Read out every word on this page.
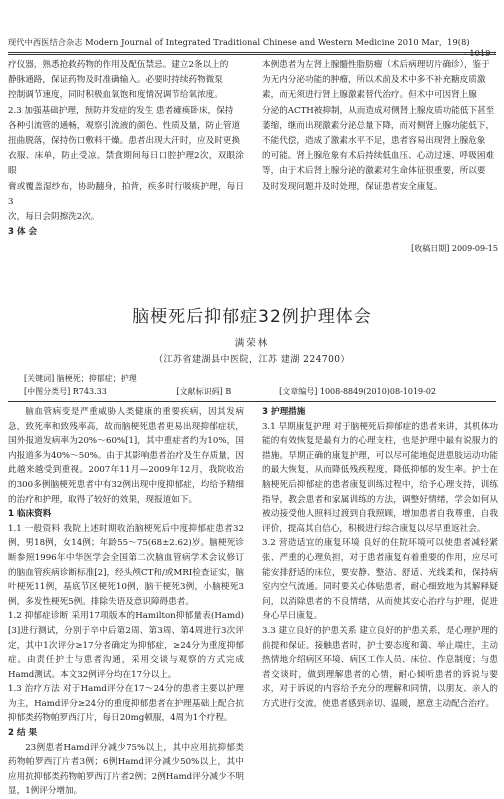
现代中西医结合杂志 Modern Journal of Integrated Traditional Chinese and Western Medicine 2010 Mar，19(8)
· 1019 ·

疗仪器，熟悉抢救药物的作用及配伍禁忌。建立2条以上的

静脉通路，保证药物及时准确输入。必要时持续药物微泵

控制调节速度，同时积极血氧饱和度情况调节给氧浓度。

2.3 加强基础护理，预防并发症的发生 患者瘫痪卧床，保持

各种引流管的通畅，观察引流液的颜色、性质及量，防止管道

扭曲脱落，保持伤口敷料干燥。患者出现大汗时，应及时更换

衣服、床单，防止受凉。禁食期间每日口腔护理2次，双眼涂眼

膏或覆盖湿纱布，协助翻身，拍背，疾多时行吸痰护理，每日3

次，每日会阴擦洗2次。

3 体 会

本例患者为左肾上腺髓性脂肪瘤（术后病理切片确诊），鉴于

为无内分泌功能的肿瘤，所以术前及术中多不补充糖皮质激

素，而无须进行肾上腺激素替代治疗。但术中可因肾上腺

分泌的ACTH被抑制，从而造成对侧肾上腺皮质功能低下甚至

萎缩，继而出现激素分泌总量下降，而对侧肾上腺功能低下，

不能代偿，造成了激素水平不足，患者容易出现肾上腺危象

的可能。肾上腺危象有术后持续低血压、心动过速、呼吸困难

等，由于术后肾上腺分泌的激素对生命体征很重要，所以要

及时发现问题并及时处理，保证患者安全康复。

[收稿日期] 2009-09-15
脑梗死后抑郁症32例护理体会
满荣林
（江苏省建湖县中医院，江苏 建湖 224700）
[关键词] 脑梗死；抑郁症；护理
[中图分类号] R743.33	[文献标识码] B	[文章编号] 1008-8849(2010)08-1019-02

脑血管病变是严重威胁人类健康的重要疾病，因其发病急，致死率和致残率高，故而脑梗死患者更易出现抑郁症状，国外报道发病率为20%～60%[1]，其中重症者约为10%，国内报道多为40%～50%。由于其影响患者治疗及生存质量，因此越来越受到重视。2007年11月—2009年12月，我院收治的300多例脑梗死患者中有32例出现中度抑郁症，均给予精细的治疗和护理，取得了较好的效果，现报道如下。

1 临床资料

1.1 一般资料 我院上述时期收治脑梗死后中度抑郁症患者32例，男18例，女14例；年龄55～75(68±2.62)岁。脑梗死诊断参照1996年中华医学会全国第二次脑血管病学术会议修订的脑血管疾病诊断标准[2]，经头颅CT和/或MRI检查证实，脑叶梗死11例，基底节区梗死10例，脑干梗死3例，小脑梗死3例，多发性梗死5例。排除失语及意识障碍患者。

1.2 抑郁症诊断 采用17项版本的Hamilton抑郁量表(Hamd)[3]进行测试，分别于卒中后第2周、第3周、第4周进行3次评定，其中1次评分≥17分者确定为抑郁症，≥24分为重度抑郁症。由责任护士与患者沟通，采用交谈与观察的方式完成Hamd测试。本文32例评分均在17分以上。

1.3 治疗方法 对于Hamd评分在17～24分的患者主要以护理为主，Hamd评分≥24分的重度抑郁患者在护理基础上配合抗抑郁类药物帕罗西汀片，每日20mg顿服，4周为1个疗程。

2 结 果

23例患者Hamd评分减少75%以上，其中应用抗抑郁类药物帕罗西汀片者3例；6例Hamd评分减少50%以上，其中应用抗抑郁类药物帕罗西汀片者2例；2例Hamd评分减少不明显，1例评分增加。

3 护理措施

3.1 早期康复护理 对于脑梗死后抑郁症的患者来讲，其机体功能的有效恢复是最有力的心理支柱，也是护理中最有说服力的措施。早期正确的康复护理，可以尽可能地促进患肢运动功能的最大恢复，从而降低残疾程度，降低抑郁的发生率。护士在脑梗死后抑郁症的患者康复训练过程中，给予心理支持，训练指导，教会患者和家属训练的方法，调整好情绪，学会如何从被动接受他人照料过渡到自我照顾，增加患者自我尊重，自我评价，提高其自信心，积极进行综合康复以尽早重返社会。

3.2 营造适宜的康复环境 良好的住院环境可以使患者减轻紧张、严重的心理负担，对于患者康复有着重要的作用，应尽可能安排舒适的床位，要安静、整洁、舒适、光线柔和，保持病室内空气流通。同时要关心体贴患者，耐心细致地为其解释疑问，以消除患者的不良情绪，从而使其安心治疗与护理，促进身心早日康复。

3.3 建立良好的护患关系 建立良好的护患关系，是心理护理的前提和保证。接触患者时，护士要态度和蔼、举止端庄，主动热情地介绍病区环境、病区工作人员、床位、作息制度；与患者交谈时，做到理解患者的心情，耐心倾听患者的诉说与要求，对于诉说的内容给予充分的理解和同情，以朋友、亲人的方式进行交流，使患者感到亲切、温暖，愿意主动配合治疗。
